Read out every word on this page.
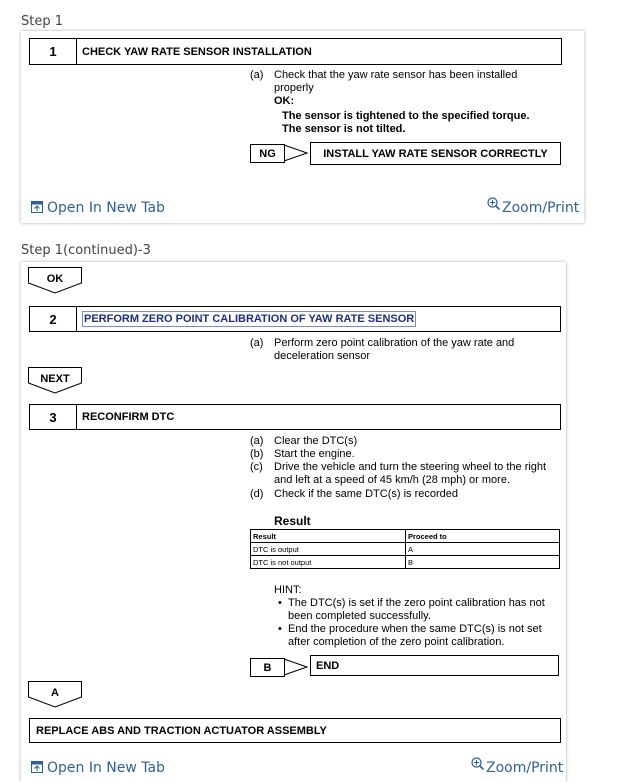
Step 1
1	CHECK YAW RATE SENSOR INSTALLATION
(a) Check that the yaw rate sensor has been installed
properly
OK:
The sensor is tightened to the specified torque.
The sensor is not tilted.
NG	INSTALL YAW RATE SENSOR CORRECTLY
Open In New Tab	Zoom/Print
Step 1(continued)-3
OK
2	PERFORM ZERO POINT CALIBRATION OF YAW RATE SENSOR
(a) Perform zero point calibration of the yaw rate and
deceleration sensor
NEXT
3	RECONFIRM DTC
(a) Clear the DTC(s)
(b) Start the engine.
(c) Drive the vehicle and turn the steering wheel to the right
and left at a speed of 45 km/h (28 mph) or more.
(d) Check if the same DTC(s) is recorded
Result
Result	Proceed to
DTC is output	A
DTC is not output	B
HINT:
• The DTC(s) is set if the zero point calibration has not
been completed successfully.
• End the procedure when the same DTC(s) is not set
after completion of the zero point calibration.
B	END
A
REPLACE ABS AND TRACTION ACTUATOR ASSEMBLY
Open In New Tab	Zoom/Print
